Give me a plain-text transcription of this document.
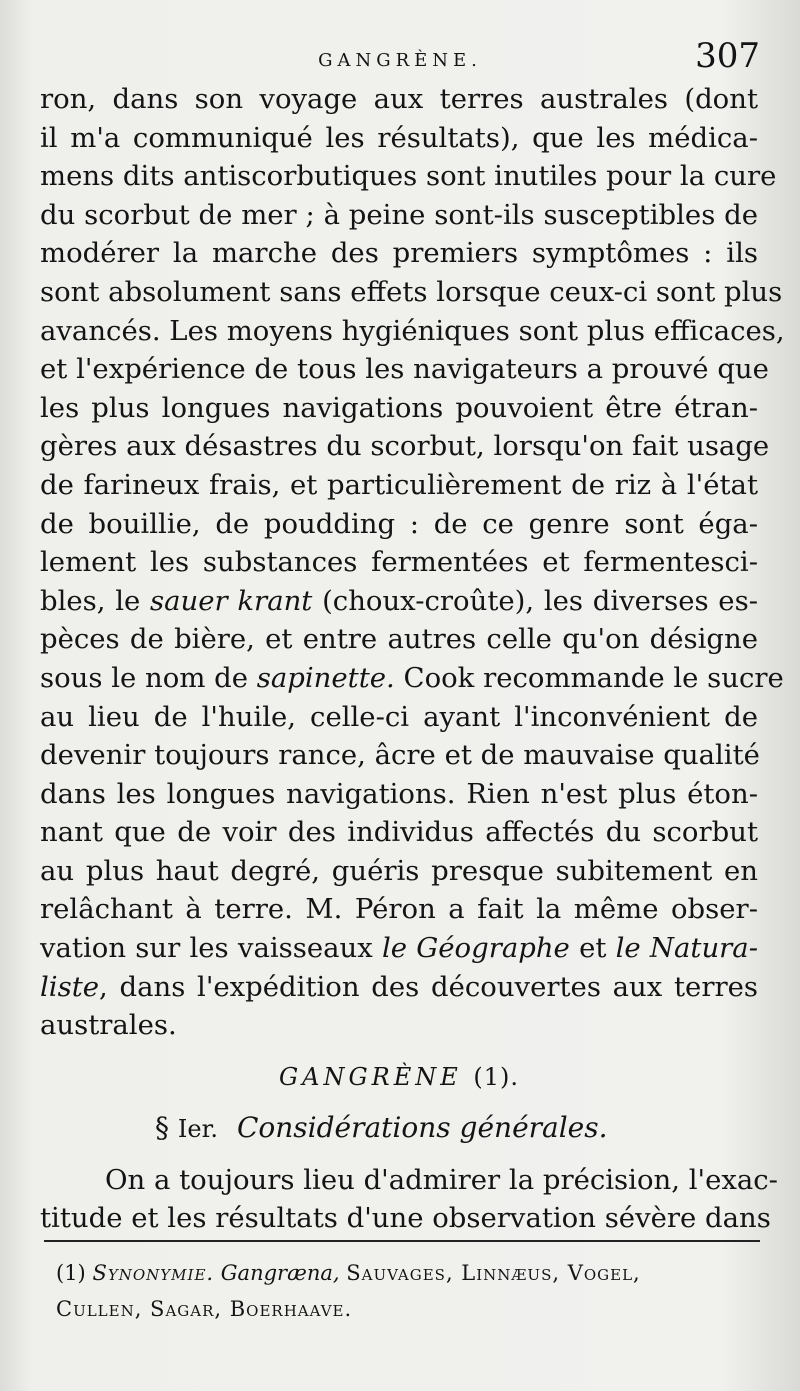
GANGRÈNE.	307
ron, dans son voyage aux terres australes (dont
il m'a communiqué les résultats), que les médica-
mens dits antiscorbutiques sont inutiles pour la cure
du scorbut de mer ; à peine sont-ils susceptibles de
modérer la marche des premiers symptômes : ils
sont absolument sans effets lorsque ceux-ci sont plus
avancés. Les moyens hygiéniques sont plus efficaces,
et l'expérience de tous les navigateurs a prouvé que
les plus longues navigations pouvoient être étran-
gères aux désastres du scorbut, lorsqu'on fait usage
de farineux frais, et particulièrement de riz à l'état
de bouillie, de poudding : de ce genre sont éga-
lement les substances fermentées et fermentesci-
bles, le sauer krant (choux-croûte), les diverses es-
pèces de bière, et entre autres celle qu'on désigne
sous le nom de sapinette. Cook recommande le sucre
au lieu de l'huile, celle-ci ayant l'inconvénient de
devenir toujours rance, âcre et de mauvaise qualité
dans les longues navigations. Rien n'est plus éton-
nant que de voir des individus affectés du scorbut
au plus haut degré, guéris presque subitement en
relâchant à terre. M. Péron a fait la même obser-
vation sur les vaisseaux le Géographe et le Natura-
liste, dans l'expédition des découvertes aux terres
australes.
GANGRÈNE (1).
§ Ier. Considérations générales.
On a toujours lieu d'admirer la précision, l'exac-
titude et les résultats d'une observation sévère dans
(1) Synonymie. Gangræna, Sauvages, Linnæus, Vogel,
Cullen, Sagar, Boerhaave.
